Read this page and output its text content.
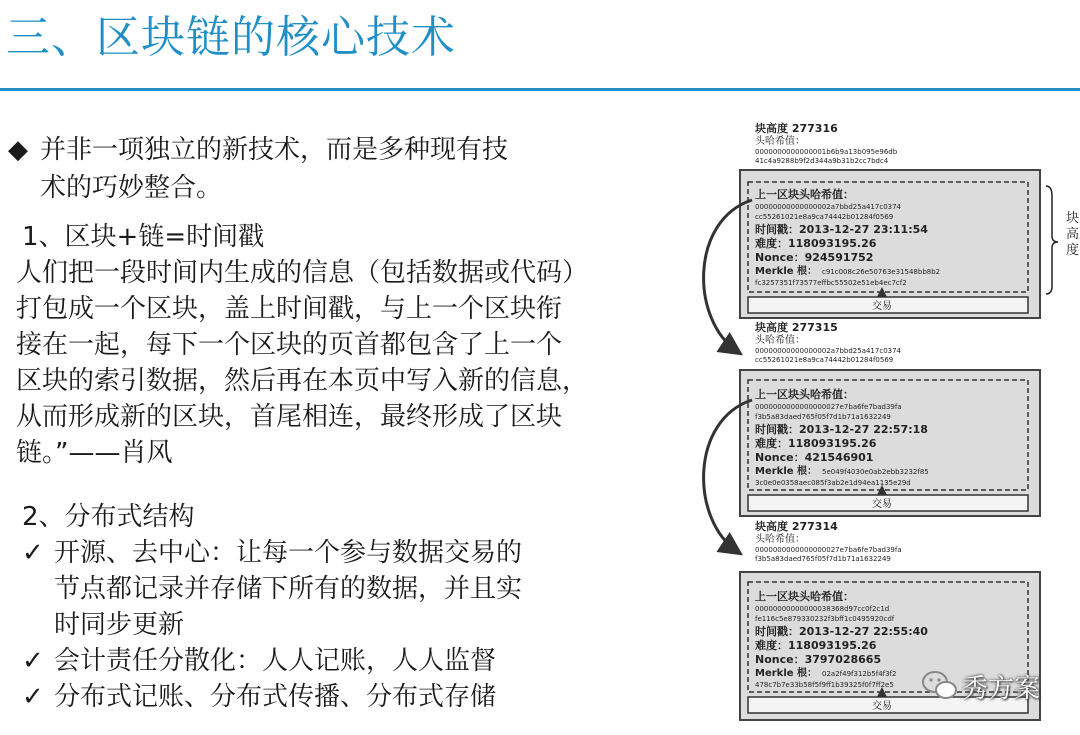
三、区块链的核心技术
◆ 并非一项独立的新技术，而是多种现有技
术的巧妙整合。
1、区块+链=时间戳
人们把一段时间内生成的信息（包括数据或代码）
打包成一个区块，盖上时间戳，与上一个区块衔
接在一起，每下一个区块的页首都包含了上一个
区块的索引数据，然后再在本页中写入新的信息，
从而形成新的区块，首尾相连，最终形成了区块
链。”——肖风
2、分布式结构
✓ 开源、去中心：让每一个参与数据交易的
节点都记录并存储下所有的数据，并且实
时同步更新
✓ 会计责任分散化：人人记账，人人监督
✓ 分布式记账、分布式传播、分布式存储
块高度 277316
头哈希值：
0000000000000001b6b9a13b095e96db
41c4a9288b9f2d344a9b31b2cc7bdc4
上一区块头哈希值：
00000000000000002a7bbd25a417c0374
cc55261021e8a9ca74442b01284f0569
时间戳：2013-12-27 23:11:54
难度：118093195.26
Nonce：924591752
Merkle 根： c91c008c26e50763e31548bb8b2
fc3257351f73577effbc55502e51eb4ec7cf2
交易
块高度
块高度 277315
头哈希值：
00000000000000002a7bbd25a417c0374
cc55261021e8a9ca74442b01284f0569
上一区块头哈希值：
0000000000000000027e7ba6fe7bad39fa
f3b5a83daed765f05f7d1b71a1632249
时间戳：2013-12-27 22:57:18
难度：118093195.26
Nonce：421546901
Merkle 根： 5e049f4030e0ab2ebb3232f85
3c0e0e0358aec085f3ab2e1d94ea1135e29d
交易
块高度 277314
头哈希值：
0000000000000000027e7ba6fe7bad39fa
f3b5a83daed765f05f7d1b71a1632249
上一区块头哈希值：
00000000000000038368d97cc0f2c1d
fe116c5e879330232f3bff1c0495920cdf
时间戳：2013-12-27 22:55:40
难度：118093195.26
Nonce：3797028665
Merkle 根： 02a2f49f312b5f4f3f2
478c7b7e33b58f5f9ff1b39325f0f7ff2e5
交易
秀方案
